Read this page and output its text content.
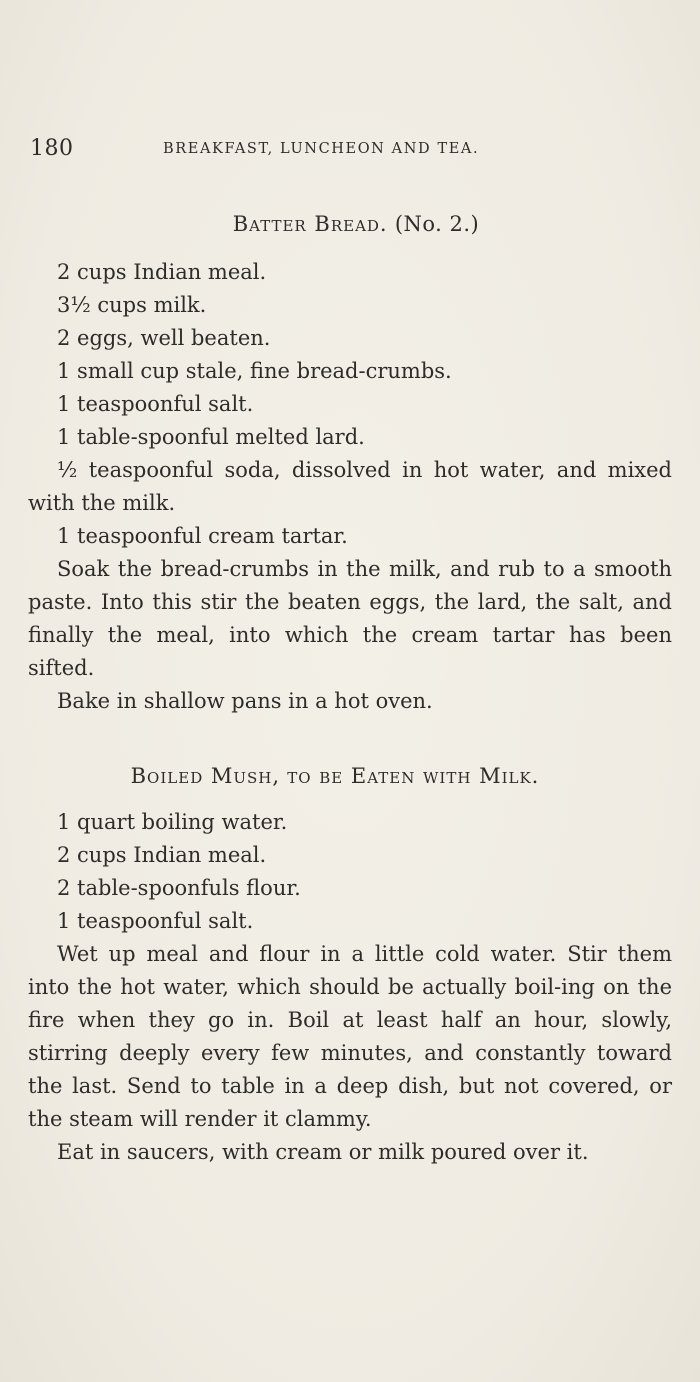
180	BREAKFAST, LUNCHEON AND TEA.

Batter Bread. (No. 2.)

2 cups Indian meal.

3½ cups milk.

2 eggs, well beaten.

1 small cup stale, fine bread-crumbs.

1 teaspoonful salt.

1 table-spoonful melted lard.

½ teaspoonful soda, dissolved in hot water, and mixed with the milk.

1 teaspoonful cream tartar.

Soak the bread-crumbs in the milk, and rub to a smooth paste. Into this stir the beaten eggs, the lard, the salt, and finally the meal, into which the cream tartar has been sifted.

Bake in shallow pans in a hot oven.

Boiled Mush, to be Eaten with Milk.

1 quart boiling water.

2 cups Indian meal.

2 table-spoonfuls flour.

1 teaspoonful salt.

Wet up meal and flour in a little cold water. Stir them into the hot water, which should be actually boil-ing on the fire when they go in. Boil at least half an hour, slowly, stirring deeply every few minutes, and constantly toward the last. Send to table in a deep dish, but not covered, or the steam will render it clammy.

Eat in saucers, with cream or milk poured over it.
